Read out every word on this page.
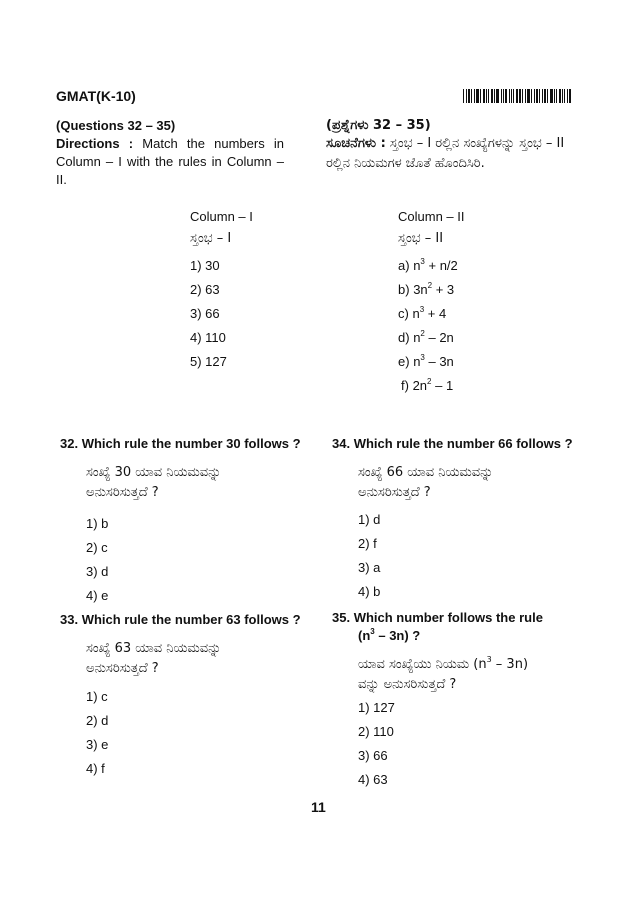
GMAT(K-10)
(Questions 32 – 35)
Directions : Match the numbers in Column – I with the rules in Column – II.
(ಪ್ರಶ್ನೆಗಳು 32 – 35)
ಸೂಚನೆಗಳು : ಸ್ತಂಭ – I ರಲ್ಲಿನ ಸಂಖ್ಯೆಗಳನ್ನು ಸ್ತಂಭ – II ರಲ್ಲಿನ ನಿಯಮಗಳ ಜೊತೆ ಹೊಂದಿಸಿರಿ.
Column – I
ಸ್ತಂಭ – I
1) 30
2) 63
3) 66
4) 110
5) 127
Column – II
ಸ್ತಂಭ – II
a) $n^3 + n/2$
b) $3n^2 + 3$
c) $n^3 + 4$
d) $n^2 - 2n$
e) $n^3 - 3n$
f) $2n^2 - 1$
32. Which rule the number 30 follows ?
ಸಂಖ್ಯೆ 30 ಯಾವ ನಿಯಮವನ್ನು
ಅನುಸರಿಸುತ್ತದೆ ?
1) b
2) c
3) d
4) e
33. Which rule the number 63 follows ?
ಸಂಖ್ಯೆ 63 ಯಾವ ನಿಯಮವನ್ನು
ಅನುಸರಿಸುತ್ತದೆ ?
1) c
2) d
3) e
4) f
34. Which rule the number 66 follows ?
ಸಂಖ್ಯೆ 66 ಯಾವ ನಿಯಮವನ್ನು
ಅನುಸರಿಸುತ್ತದೆ ?
1) d
2) f
3) a
4) b
35. Which number follows the rule
$(n^3 - 3n)$ ?
ಯಾವ ಸಂಖ್ಯೆಯು ನಿಯಮ $(n^3 - 3n)$
ವನ್ನು ಅನುಸರಿಸುತ್ತದೆ ?
1) 127
2) 110
3) 66
4) 63
11
